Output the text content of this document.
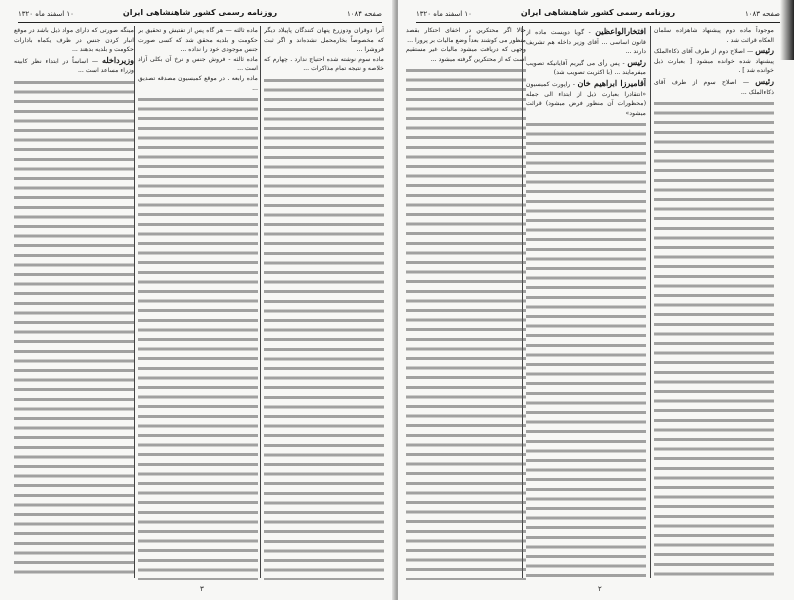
صفحه ۱۰۸۴
روزنامه رسمی کشور شاهنشاهی ایران
۱۰ اسفند ماه ۱۳۲۰

آنرا دوقران ودوزرع پنهان کنندگان پاپیلاد دیگر که مخصوصاً بخارمحمل نشده‌اند و اگر ثبت فروشرا ...

ماده سوم نوشته شده احتیاج ندارد . چهارم که خلاصه و نتیجه تمام مذاکرات ...

ماده ثالثه — هر گاه پس از تفتیش و تحقیق بر حکومت و بلدیه محقق شد که کسی صورت جنس موجودی خود را نداده ...

ماده ثالثه - فروش جنس و نرخ آن بکلی آزاد است ...

ماده رابعه . در موقع کمیسیون مصدقه تصدیق ...

مینگه صورتی که دارای مواد ذیل باشد در موقع انبار کردن جنس در ظرف یکماه بادارات حکومت و بلدیه بدهند ...

وزیرداخله — اساساً در ابتداء نظر کابینه وزراء مساعد است ...

۳
صفحه ۱۰۸۳
روزنامه رسمی کشور شاهنشاهی ایران
۱۰ اسفند ماه ۱۳۲۰

موجوداً ماده دوم پیشنهاد شاهزاده سلمان العکاه قرائت شد .

رئیس — اصلاح دوم از طرف آقای ذکاءالملک پیشنهاد شده خوانده میشود [ بعبارت ذیل خوانده شد ] .

رئیس — اصلاح سوم از طرف آقای ذکاءالملک ...

افتخارالواعظین - گویا دویست ماده از قانون اساسی ... آقای وزیر داخله هم تشریف دارند ...

رئیس - پس رأی می گیریم آقایانیکه تصویب میفرمایند ... (با اکثریت تصویب شد)

آقامیرزا ابراهیم خان - راپورت کمیسیون «انتقادرا بعبارت ذیل از ابتداء الی جمله (محظورات آن منظور فرض میشود) قرائت میشود»

حالا اگر محتکرین در اخفای احتکار بقصد منظور می کوشند بعداً وضع مالیات بر پرورا ...

وجهی که دریافت میشود مالیات غیر مستقیم است که از محتکرین گرفته میشود ...

۲
